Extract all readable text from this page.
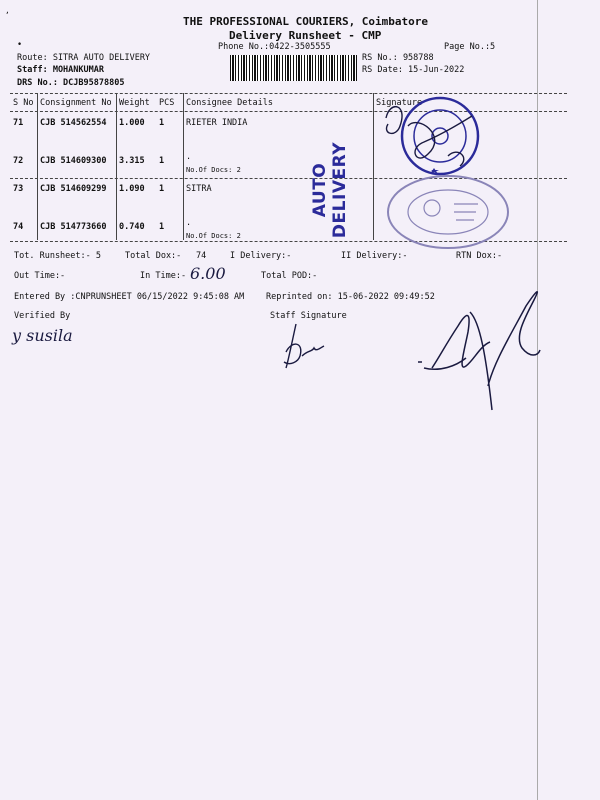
,
THE PROFESSIONAL COURIERS, Coimbatore
Delivery Runsheet - CMP
Phone No.:0422-3505555	Page No.:5
•
Route: SITRA AUTO DELIVERY
Staff: MOHANKUMAR
DRS No.: DCJB95878805
RS No.: 958788
RS Date: 15-Jun-2022
S No Consignment No Weight PCS Consignee Details	Signature
71 CJB 514562554 1.000 1	RIETER INDIA
72 CJB 514609300 3.315 1	.
No.Of Docs: 2
73 CJB 514609299 1.090 1	SITRA
74 CJB 514773660 0.740 1	.
No.Of Docs: 2
AUTO DELIVERY
Tot. Runsheet:- 5	Total Dox:- 74	I Delivery:-	II Delivery:-	RTN Dox:-
Out Time:-	In Time:- 6.00	Total POD:-
Entered By :CNPRUNSHEET 06/15/2022 9:45:08 AM	Reprinted on: 15-06-2022 09:49:52
Verified By	Staff Signature
y susila
